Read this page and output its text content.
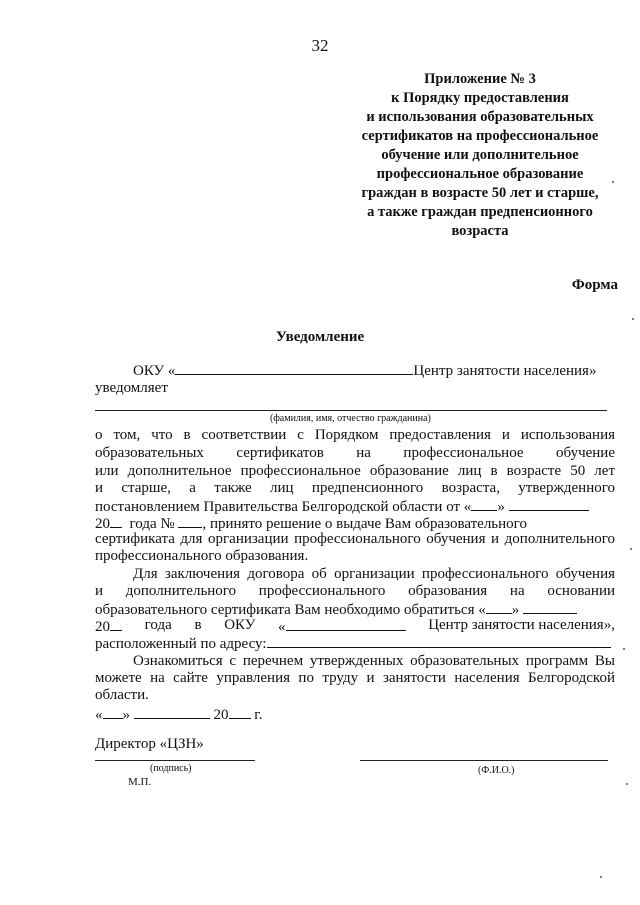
32
Приложение № 3
к Порядку предоставления
и использования образовательных
сертификатов на профессиональное
обучение или дополнительное
профессиональное образование
граждан в возрасте 50 лет и старше,
а также граждан предпенсионного
возраста
Форма
Уведомление
ОКУ «	Центр занятости населения»
уведомляет
(фамилия, имя, отчество гражданина)
о том, что в соответствии с Порядком предоставления и использования
образовательных сертификатов на профессиональное обучение
или дополнительное профессиональное образование лиц в возрасте 50 лет
и старше, а также лиц предпенсионного возраста, утвержденного
постановлением Правительства Белгородской области от « »
20 года № , принято решение о выдаче Вам образовательного
сертификата для организации профессионального обучения и дополнительного
профессионального образования.
Для заключения договора об организации профессионального обучения
и дополнительного профессионального образования на основании
образовательного сертификата Вам необходимо обратиться « »
20	года в ОКУ «	Центр занятости населения»,
расположенный по адресу:
Ознакомиться с перечнем утвержденных образовательных программ Вы
можете на сайте управления по труду и занятости населения Белгородской
области.
« »	20 г.
Директор «ЦЗН»
(подпись)
М.П.
(Ф.И.О.)
